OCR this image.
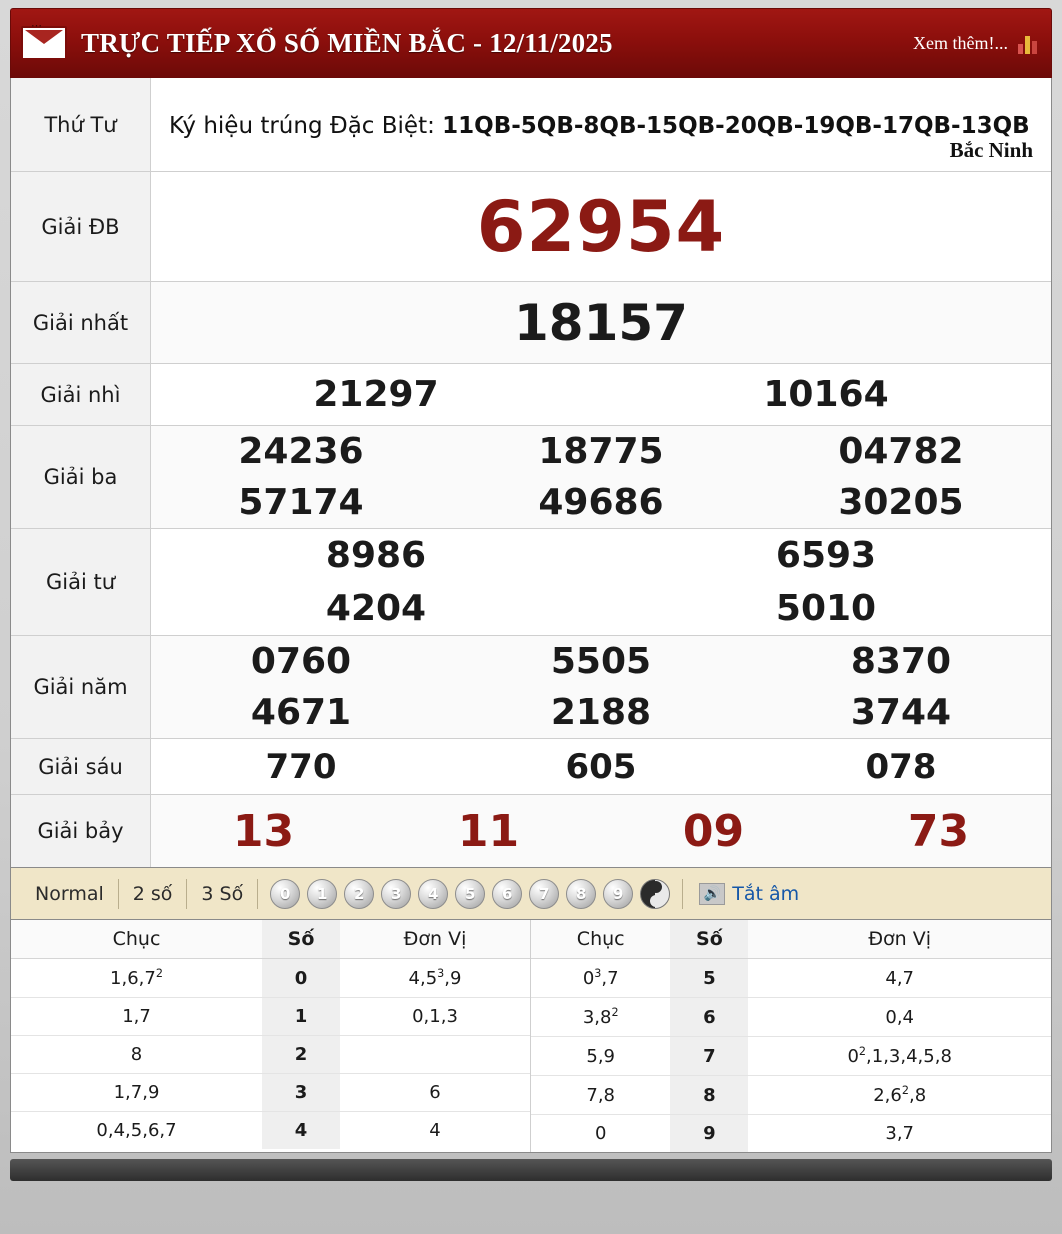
⋯
TRỰC TIẾP XỔ SỐ MIỀN BẮC - 12/11/2025	Xem thêm!...
Thứ Tư	Ký hiệu trúng Đặc Biệt: 11QB-5QB-8QB-15QB-20QB-19QB-17QB-13QB
Bắc Ninh
Giải ĐB	62954
Giải nhất	18157
Giải nhì	21297	10164
Giải ba
24236	18775	04782
57174	49686	30205
Giải tư
8986	6593
4204	5010
Giải năm
0760	5505	8370
4671	2188	3744
Giải sáu	770	605	078
Giải bảy	13	11	09	73
Normal	2 số	3 Số	0	1	2	3	4	5	6	7	8	9	🔊 Tắt âm
Chục	Số	Đơn Vị
1,6,7$^2$	0	$4,5^3,9$
1,7	1	0,1,3
8	2	
1,7,9	3	6
0,4,5,6,7	4	4
Chục	Số	Đơn Vị
$0^3,7$	5	4,7
$3,8^2$	6	0,4
5,9	7	$0^2,1,3,4,5,8$
7,8	8	$2,6^2,8$
0	9	3,7
